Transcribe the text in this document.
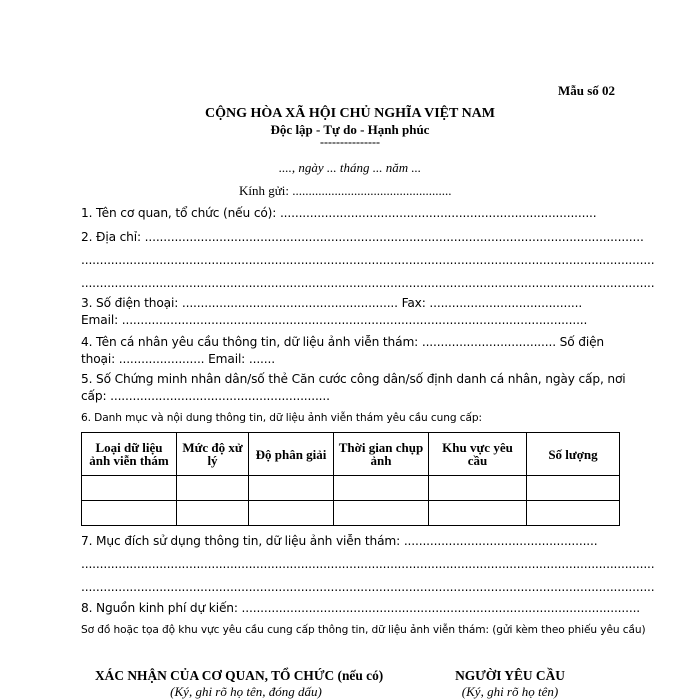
Mẫu số 02
CỘNG HÒA XÃ HỘI CHỦ NGHĨA VIỆT NAM
Độc lập - Tự do - Hạnh phúc
---------------
...., ngày ... tháng ... năm ...
Kính gửi: .................................................
1. Tên cơ quan, tổ chức (nếu có): .....................................................................................
2. Địa chỉ: ......................................................................................................................................
..........................................................................................................................................................
..........................................................................................................................................................
3. Số điện thoại: .......................................................... Fax: .........................................
Email: .............................................................................................................................
4. Tên cá nhân yêu cầu thông tin, dữ liệu ảnh viễn thám: .................................... Số điện
thoại: ....................... Email: .......
5. Số Chứng minh nhân dân/số thẻ Căn cước công dân/số định danh cá nhân, ngày cấp, nơi
cấp: ...........................................................
6. Danh mục và nội dung thông tin, dữ liệu ảnh viễn thám yêu cầu cung cấp:
Loại dữ liệu ảnh viễn thám	Mức độ xử lý	Độ phân giải	Thời gian chụp ảnh	Khu vực yêu cầu	Số lượng

7. Mục đích sử dụng thông tin, dữ liệu ảnh viễn thám: ....................................................
..........................................................................................................................................................
..........................................................................................................................................................
8. Nguồn kinh phí dự kiến: ...........................................................................................................
Sơ đồ hoặc tọa độ khu vực yêu cầu cung cấp thông tin, dữ liệu ảnh viễn thám: (gửi kèm theo phiếu yêu cầu)
XÁC NHẬN CỦA CƠ QUAN, TỔ CHỨC (nếu có)
(Ký, ghi rõ họ tên, đóng dấu)
NGƯỜI YÊU CẦU
(Ký, ghi rõ họ tên)
